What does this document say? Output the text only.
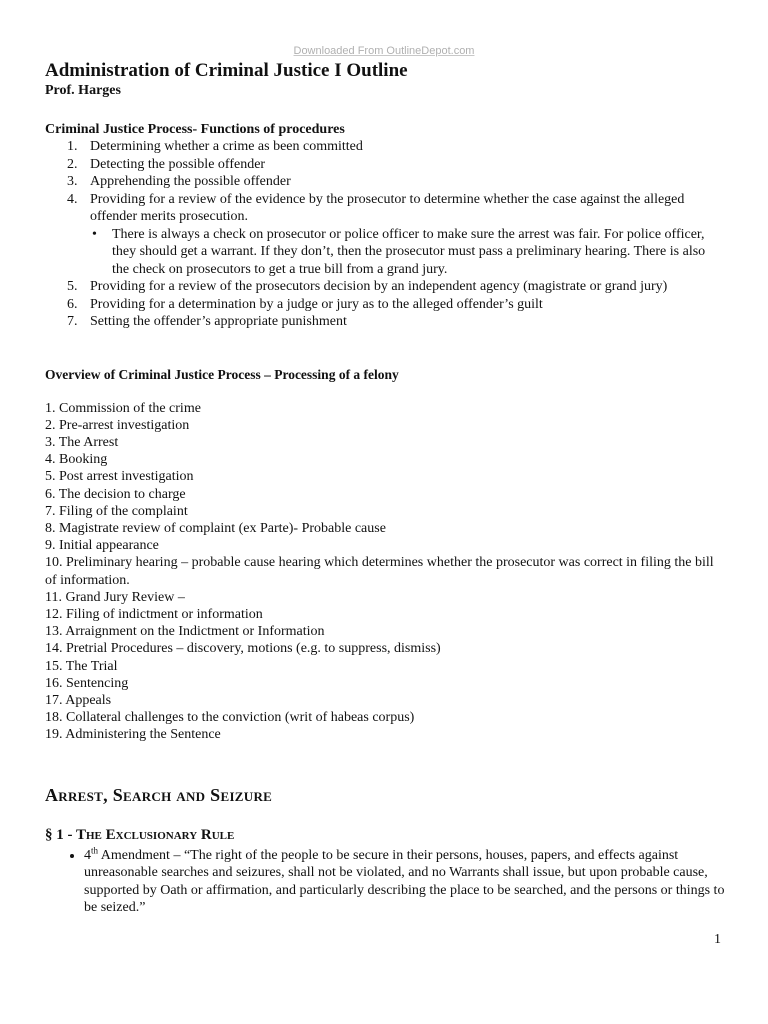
Downloaded From OutlineDepot.com
Administration of Criminal Justice I Outline
Prof. Harges
Criminal Justice Process- Functions of procedures
1. Determining whether a crime as been committed
2. Detecting the possible offender
3. Apprehending the possible offender
4. Providing for a review of the evidence by the prosecutor to determine whether the case against the alleged offender merits prosecution.
• There is always a check on prosecutor or police officer to make sure the arrest was fair. For police officer, they should get a warrant. If they don’t, then the prosecutor must pass a preliminary hearing. There is also the check on prosecutors to get a true bill from a grand jury.
5. Providing for a review of the prosecutors decision by an independent agency (magistrate or grand jury)
6. Providing for a determination by a judge or jury as to the alleged offender’s guilt
7. Setting the offender’s appropriate punishment
Overview of Criminal Justice Process – Processing of a felony
1. Commission of the crime
2. Pre-arrest investigation
3. The Arrest
4. Booking
5. Post arrest investigation
6. The decision to charge
7. Filing of the complaint
8. Magistrate review of complaint (ex Parte)- Probable cause
9. Initial appearance
10. Preliminary hearing – probable cause hearing which determines whether the prosecutor was correct in filing the bill of information.
11. Grand Jury Review –
12. Filing of indictment or information
13. Arraignment on the Indictment or Information
14. Pretrial Procedures – discovery, motions (e.g. to suppress, dismiss)
15. The Trial
16. Sentencing
17. Appeals
18. Collateral challenges to the conviction (writ of habeas corpus)
19. Administering the Sentence
Arrest, Search and Seizure
§ 1 - The Exclusionary Rule
• 4th Amendment – “The right of the people to be secure in their persons, houses, papers, and effects against unreasonable searches and seizures, shall not be violated, and no Warrants shall issue, but upon probable cause, supported by Oath or affirmation, and particularly describing the place to be searched, and the persons or things to be seized.”
1
